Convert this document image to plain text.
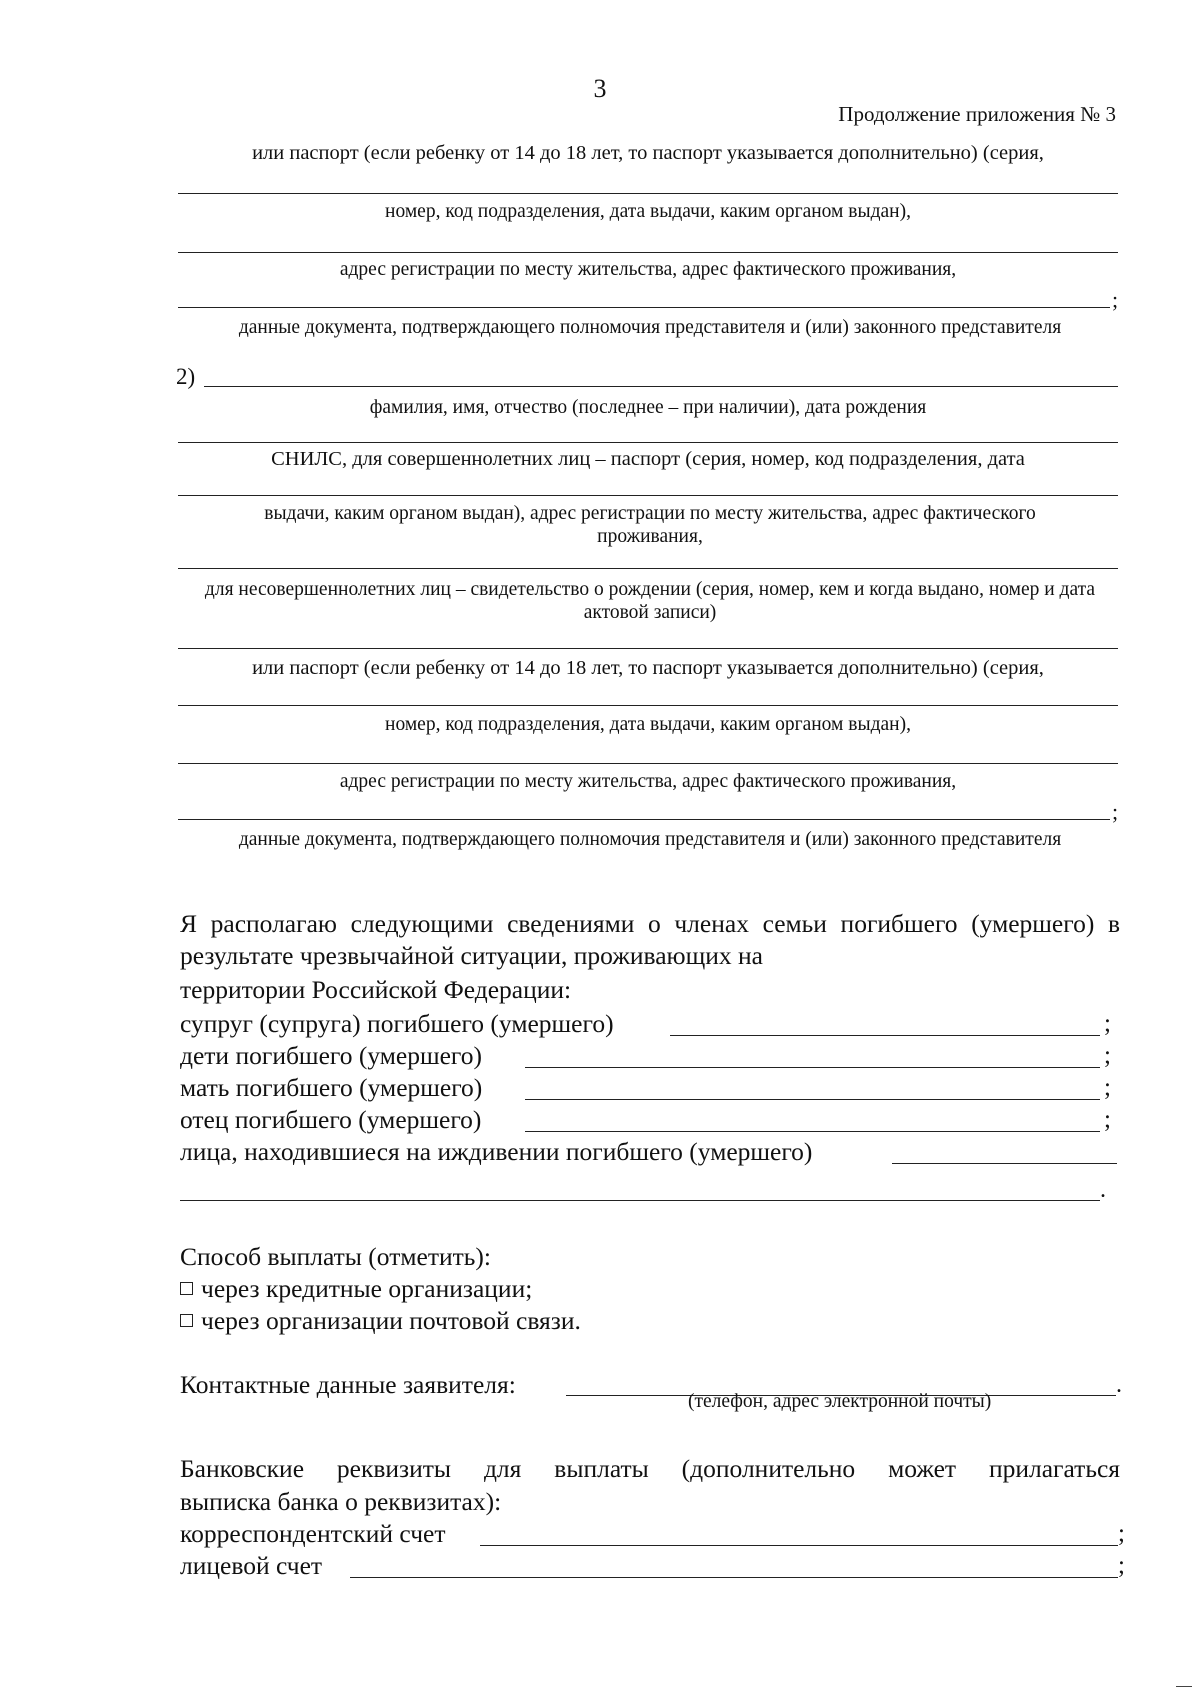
3
Продолжение приложения № 3
или паспорт (если ребенку от 14 до 18 лет, то паспорт указывается дополнительно) (серия,
номер, код подразделения, дата выдачи, каким органом выдан),
адрес регистрации по месту жительства, адрес фактического проживания,
;
данные документа, подтверждающего полномочия представителя и (или) законного представителя
2)
фамилия, имя, отчество (последнее – при наличии), дата рождения
СНИЛС, для совершеннолетних лиц – паспорт (серия, номер, код подразделения, дата
выдачи, каким органом выдан), адрес регистрации по месту жительства, адрес фактического проживания,
для несовершеннолетних лиц – свидетельство о рождении (серия, номер, кем и когда выдано, номер и дата актовой записи)
или паспорт (если ребенку от 14 до 18 лет, то паспорт указывается дополнительно) (серия,
номер, код подразделения, дата выдачи, каким органом выдан),
адрес регистрации по месту жительства, адрес фактического проживания,
;
данные документа, подтверждающего полномочия представителя и (или) законного представителя
Я располагаю следующими сведениями о членах семьи погибшего (умершего) в результате чрезвычайной ситуации, проживающих на
территории Российской Федерации:
супруг (супруга) погибшего (умершего)	;
дети погибшего (умершего)	;
мать погибшего (умершего)	;
отец погибшего (умершего)	;
лица, находившиеся на иждивении погибшего (умершего)
.
Способ выплаты (отметить):
через кредитные организации;
через организации почтовой связи.
Контактные данные заявителя:	.
(телефон, адрес электронной почты)
Банковские реквизиты для выплаты (дополнительно может прилагаться
выписка банка о реквизитах):
корреспондентский счет	;
лицевой счет	;
